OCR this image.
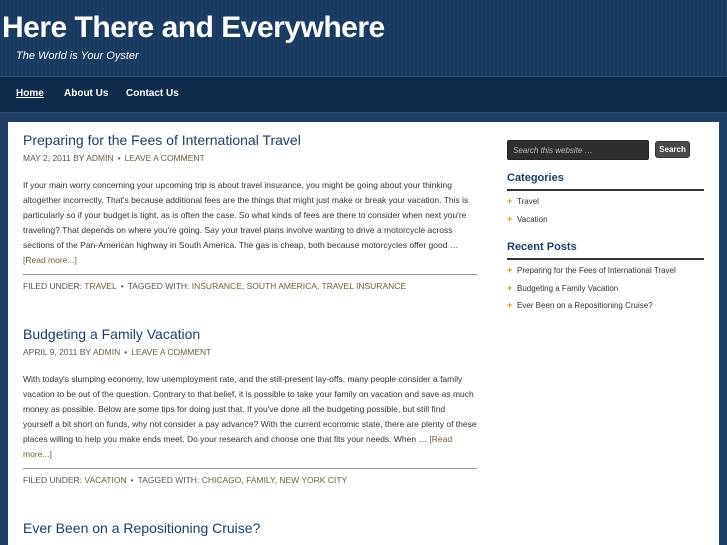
Here There and Everywhere
The World is Your Oyster
Home About Us Contact Us
Preparing for the Fees of International Travel
MAY 2, 2011 BY ADMIN • LEAVE A COMMENT
If your main worry concerning your upcoming trip is about travel insurance, you might be going about your thinking altogether incorrectly. That's because additional fees are the things that might just make or break your vacation. This is particularly so if your budget is tight, as is often the case. So what kinds of fees are there to consider when next you're traveling? That depends on where you're going. Say your travel plans involve wanting to drive a motorcycle across sections of the Pan-American highway in South America. The gas is cheap, both because motorcycles offer good … [Read more...]
FILED UNDER: TRAVEL • TAGGED WITH: INSURANCE, SOUTH AMERICA, TRAVEL INSURANCE
Budgeting a Family Vacation
APRIL 9, 2011 BY ADMIN • LEAVE A COMMENT
With today's slumping economy, low unemployment rate, and the still-present lay-offs, many people consider a family vacation to be out of the question. Contrary to that belief, it is possible to take your family on vacation and save as much money as possible. Below are some tips for doing just that. If you've done all the budgeting possible, but still find yourself a bit short on funds, why not consider a pay advance? With the current economic state, there are plenty of these places willing to help you make ends meet. Do your research and choose one that fits your needs. When … [Read more...]
FILED UNDER: VACATION • TAGGED WITH: CHICAGO, FAMILY, NEW YORK CITY
Ever Been on a Repositioning Cruise?
Search this website …
Search
Categories
+ Travel
+ Vacation
Recent Posts
+ Preparing for the Fees of International Travel
+ Budgeting a Family Vacation
+ Ever Been on a Repositioning Cruise?
